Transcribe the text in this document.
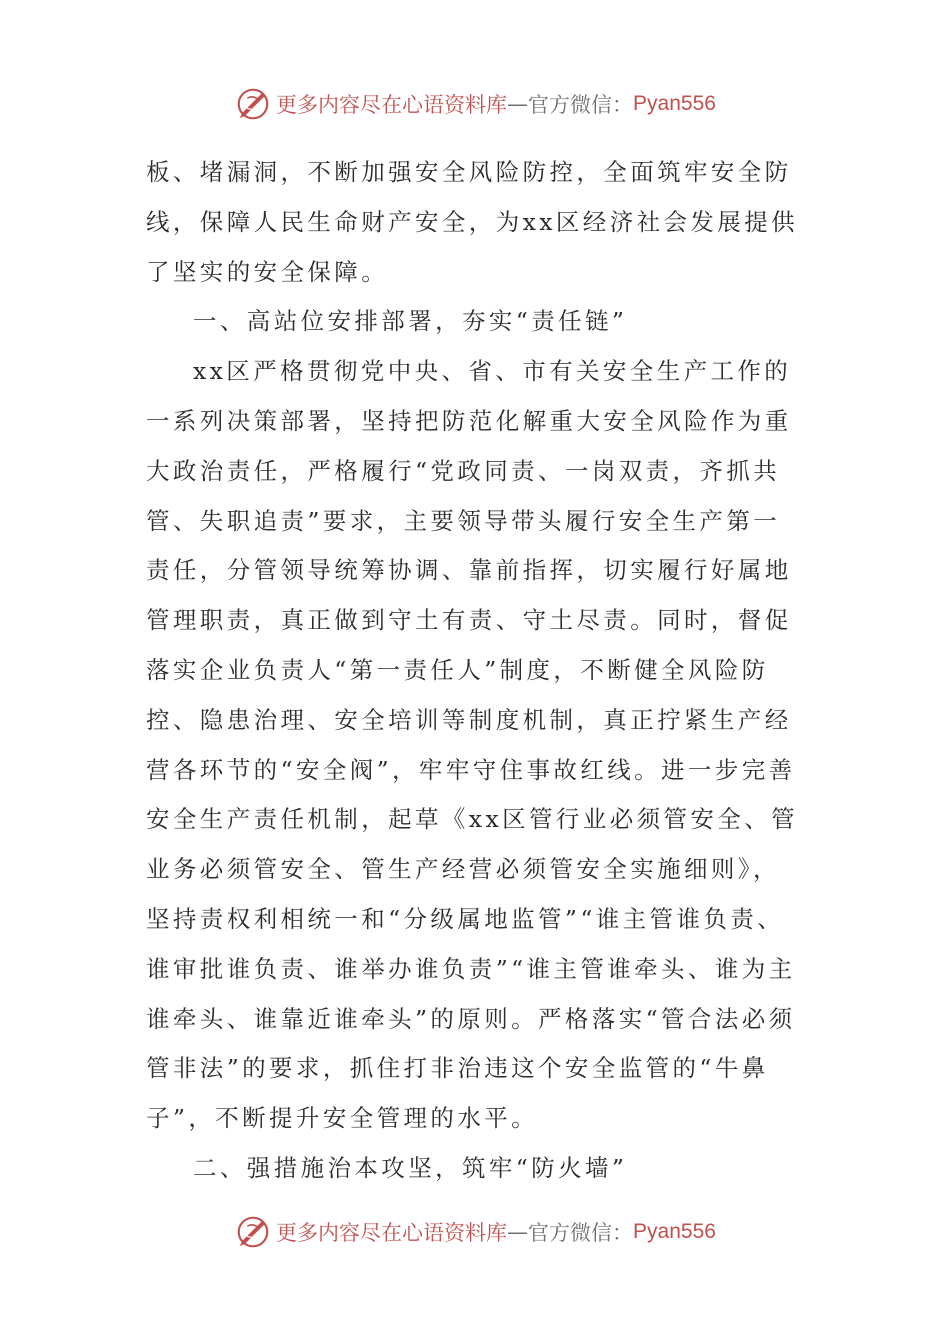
更多内容尽在心语资料库 — 官方微信： Pyan556

板、堵漏洞，不断加强安全风险防控，全面筑牢安全防线，保障人民生命财产安全，为xx区经济社会发展提供了坚实的安全保障。

一、高站位安排部署，夯实“责任链”

xx区严格贯彻党中央、省、市有关安全生产工作的一系列决策部署，坚持把防范化解重大安全风险作为重大政治责任，严格履行“党政同责、一岗双责，齐抓共管、失职追责”要求，主要领导带头履行安全生产第一责任，分管领导统筹协调、靠前指挥，切实履行好属地管理职责，真正做到守土有责、守土尽责。同时，督促落实企业负责人“第一责任人”制度，不断健全风险防控、隐患治理、安全培训等制度机制，真正拧紧生产经营各环节的“安全阀”，牢牢守住事故红线。进一步完善安全生产责任机制，起草《xx区管行业必须管安全、管业务必须管安全、管生产经营必须管安全实施细则》，坚持责权利相统一和“分级属地监管”“谁主管谁负责、谁审批谁负责、谁举办谁负责”“谁主管谁牵头、谁为主谁牵头、谁靠近谁牵头”的原则。严格落实“管合法必须管非法”的要求，抓住打非治违这个安全监管的“牛鼻子”，不断提升安全管理的水平。

二、强措施治本攻坚，筑牢“防火墙”

更多内容尽在心语资料库 — 官方微信： Pyan556
